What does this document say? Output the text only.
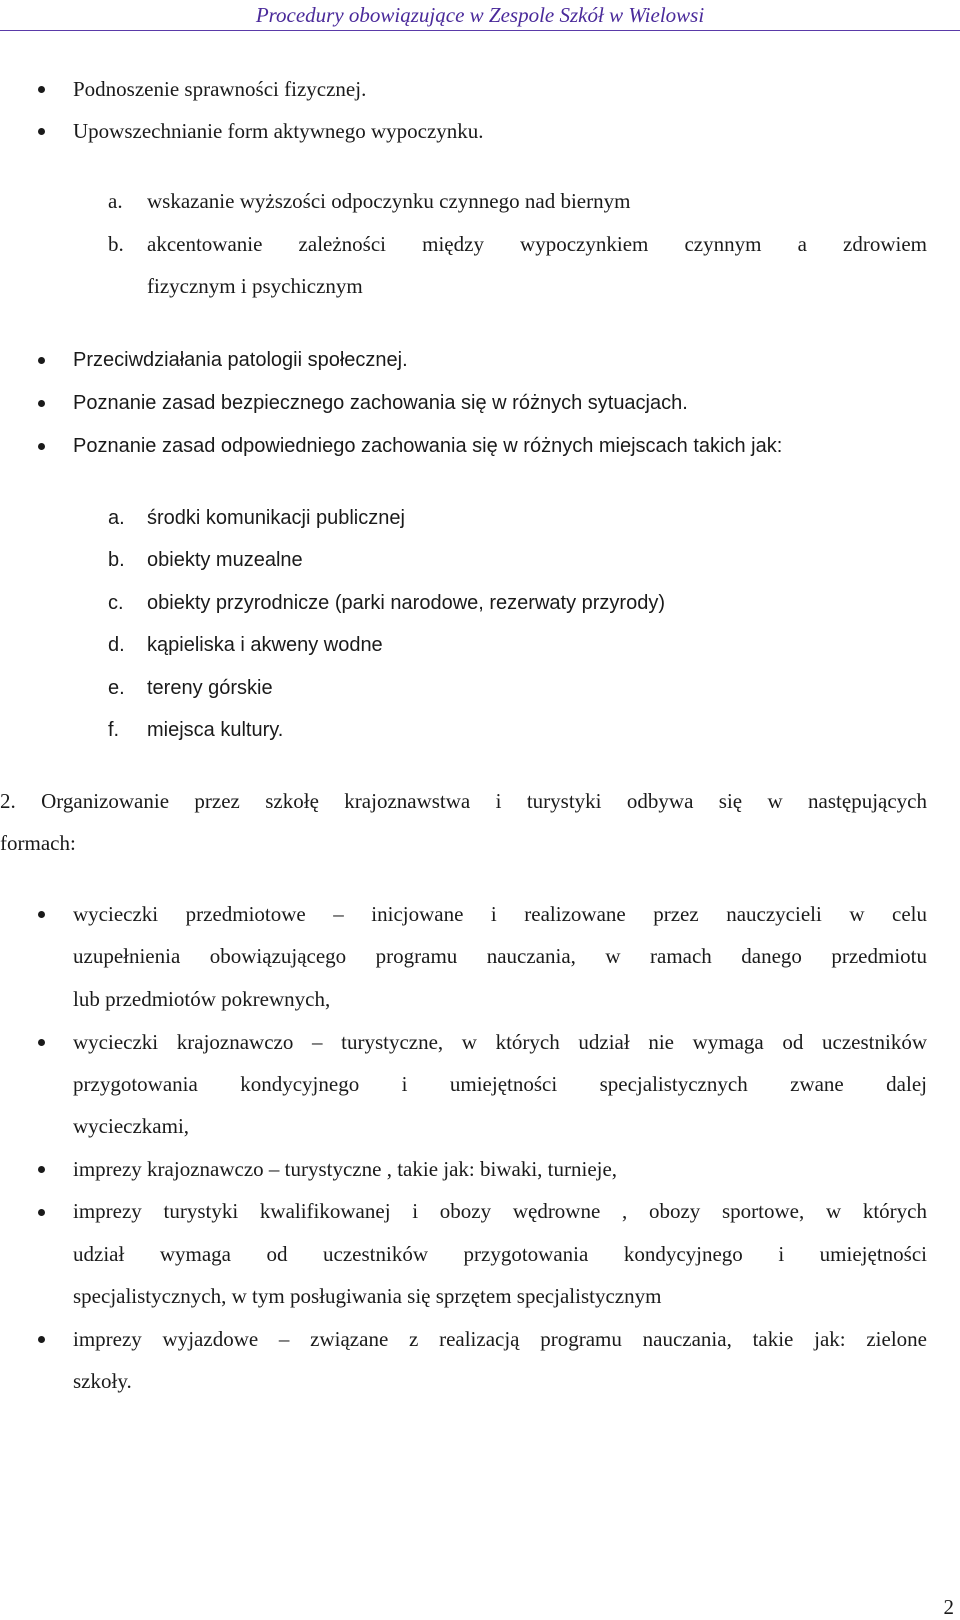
Procedury obowiązujące w Zespole Szkół w Wielowsi
Podnoszenie sprawności fizycznej.
Upowszechnianie form aktywnego wypoczynku.
a. wskazanie wyższości odpoczynku czynnego nad biernym
b. akcentowanie zależności między wypoczynkiem czynnym a zdrowiem
fizycznym i psychicznym
Przeciwdziałania patologii społecznej.
Poznanie zasad bezpiecznego zachowania się w różnych sytuacjach.
Poznanie zasad odpowiedniego zachowania się w różnych miejscach takich jak:
a. środki komunikacji publicznej
b. obiekty muzealne
c. obiekty przyrodnicze (parki narodowe, rezerwaty przyrody)
d. kąpieliska i akweny wodne
e. tereny górskie
f. miejsca kultury.
2. Organizowanie przez szkołę krajoznawstwa i turystyki odbywa się w następujących
formach:
wycieczki przedmiotowe – inicjowane i realizowane przez nauczycieli w celu
uzupełnienia obowiązującego programu nauczania, w ramach danego przedmiotu
lub przedmiotów pokrewnych,
wycieczki krajoznawczo – turystyczne, w których udział nie wymaga od uczestników
przygotowania kondycyjnego i umiejętności specjalistycznych zwane dalej
wycieczkami,
imprezy krajoznawczo – turystyczne , takie jak: biwaki, turnieje,
imprezy turystyki kwalifikowanej i obozy wędrowne , obozy sportowe, w których
udział wymaga od uczestników przygotowania kondycyjnego i umiejętności
specjalistycznych, w tym posługiwania się sprzętem specjalistycznym
imprezy wyjazdowe – związane z realizacją programu nauczania, takie jak: zielone
szkoły.
2
